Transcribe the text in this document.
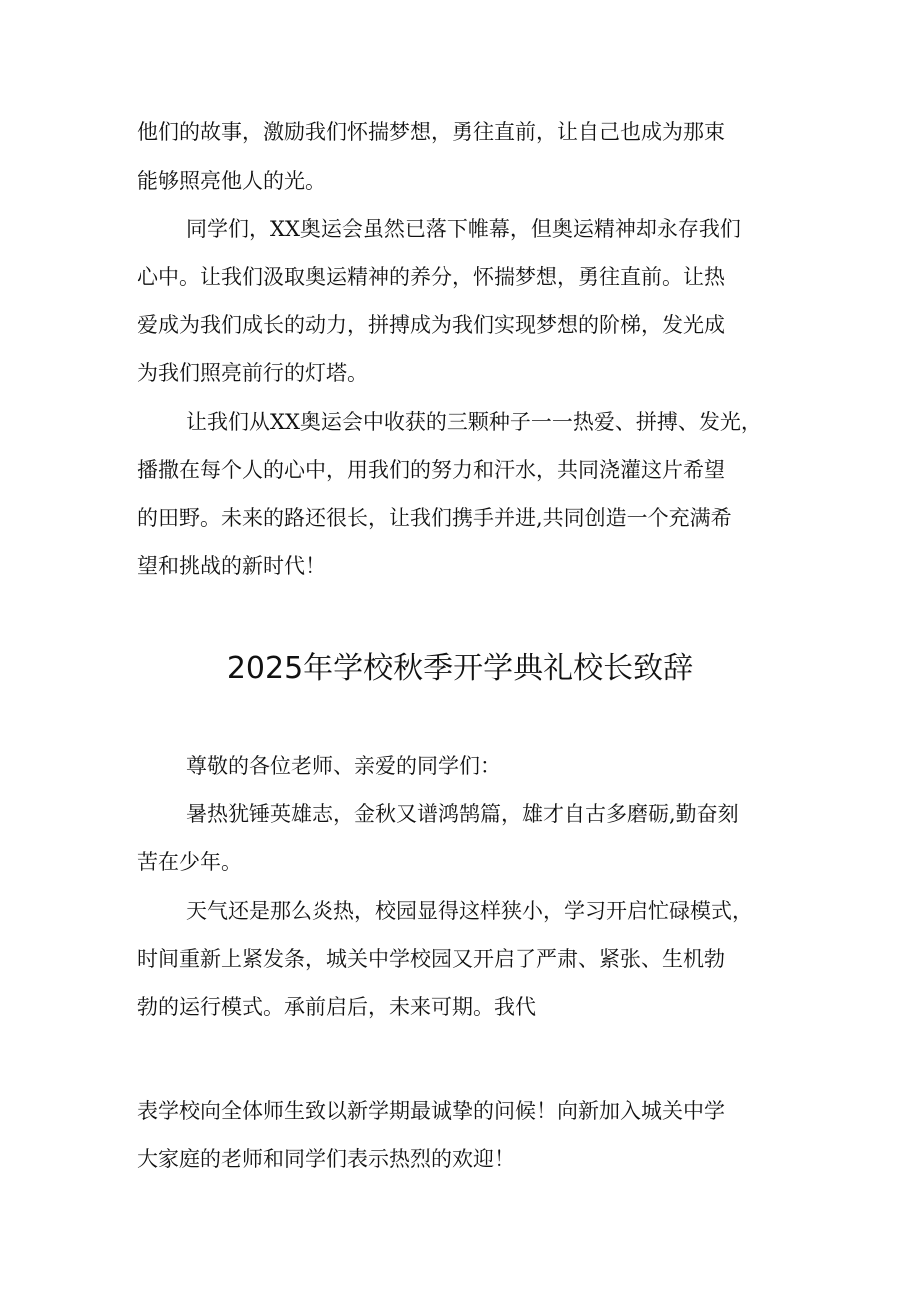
他们的故事，激励我们怀揣梦想，勇往直前，让自己也成为那束

能够照亮他人的光。

同学们，XX奥运会虽然已落下帷幕，但奥运精神却永存我们

心中。让我们汲取奥运精神的养分，怀揣梦想，勇往直前。让热

爱成为我们成长的动力，拼搏成为我们实现梦想的阶梯，发光成

为我们照亮前行的灯塔。

让我们从XX奥运会中收获的三颗种子一一热爱、拼搏、发光，

播撒在每个人的心中，用我们的努力和汗水，共同浇灌这片希望

的田野。未来的路还很长，让我们携手并进,共同创造一个充满希

望和挑战的新时代！

2025年学校秋季开学典礼校长致辞

尊敬的各位老师、亲爱的同学们：

暑热犹锤英雄志，金秋又谱鸿鹄篇，雄才自古多磨砺,勤奋刻

苦在少年。

天气还是那么炎热，校园显得这样狭小，学习开启忙碌模式，

时间重新上紧发条，城关中学校园又开启了严肃、紧张、生机勃

勃的运行模式。承前启后，未来可期。我代

表学校向全体师生致以新学期最诚挚的问候！向新加入城关中学

大家庭的老师和同学们表示热烈的欢迎！
